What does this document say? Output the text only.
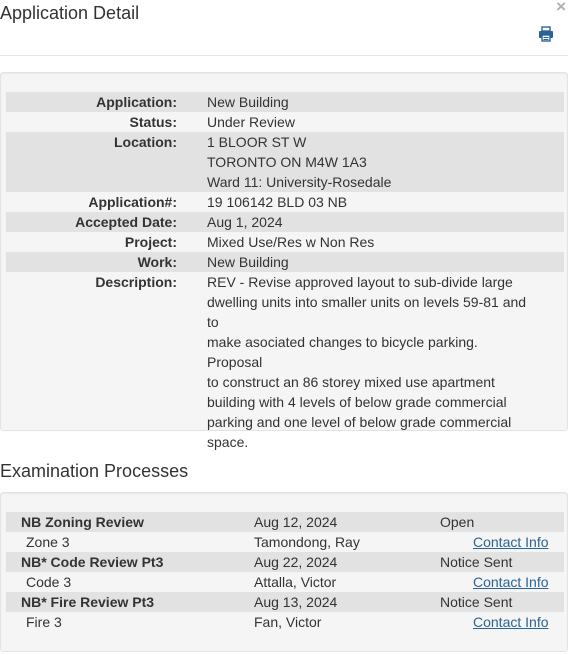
Application Detail	×
Application:	New Building
Status:	Under Review
Location:	1 BLOOR ST W
TORONTO ON M4W 1A3
Ward 11: University-Rosedale
Application#:	19 106142 BLD 03 NB
Accepted Date:	Aug 1, 2024
Project:	Mixed Use/Res w Non Res
Work:	New Building
Description:	REV - Revise approved layout to sub-divide large
dwelling units into smaller units on levels 59-81 and to
make asociated changes to bicycle parking. Proposal
to construct an 86 storey mixed use apartment
building with 4 levels of below grade commercial
parking and one level of below grade commercial
space.
Examination Processes
NB Zoning Review	Aug 12, 2024	Open
Zone 3	Tamondong, Ray	Contact Info
NB* Code Review Pt3	Aug 22, 2024	Notice Sent
Code 3	Attalla, Victor	Contact Info
NB* Fire Review Pt3	Aug 13, 2024	Notice Sent
Fire 3	Fan, Victor	Contact Info
